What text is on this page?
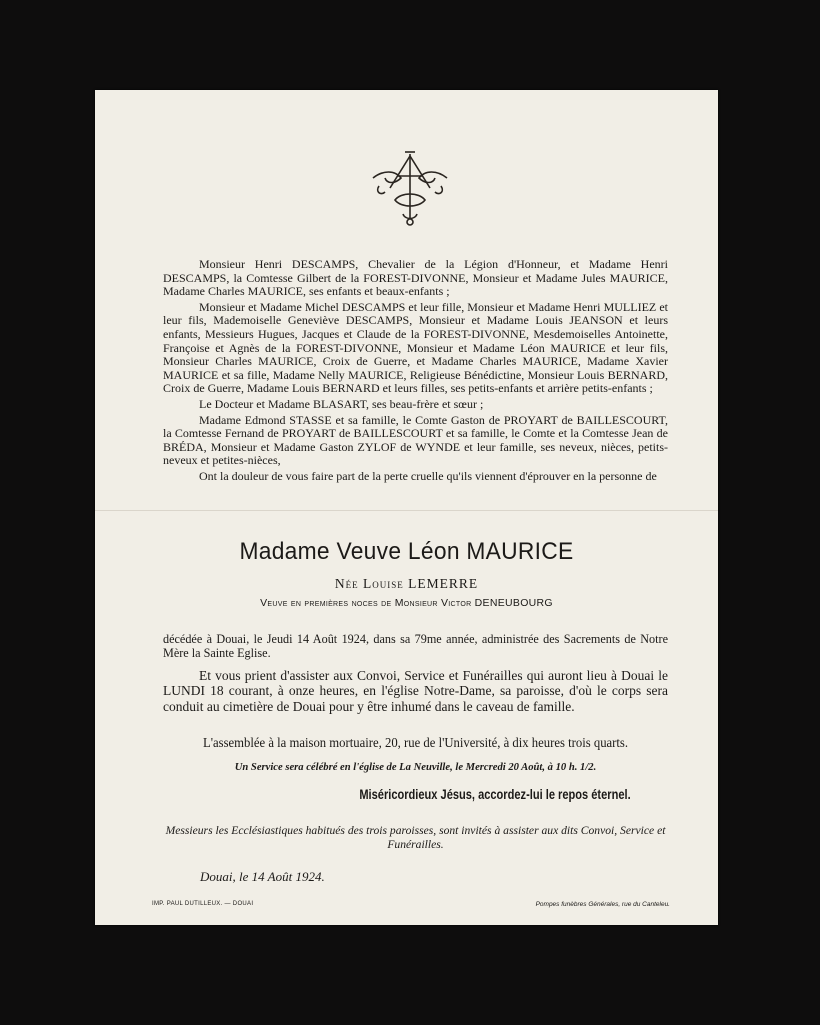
Monsieur Henri DESCAMPS, Chevalier de la Légion d'Honneur, et Madame Henri DESCAMPS, la Comtesse Gilbert de la FOREST-DIVONNE, Monsieur et Madame Jules MAURICE, Madame Charles MAURICE, ses enfants et beaux-enfants ;

Monsieur et Madame Michel DESCAMPS et leur fille, Monsieur et Madame Henri MULLIEZ et leur fils, Mademoiselle Geneviève DESCAMPS, Monsieur et Madame Louis JEANSON et leurs enfants, Messieurs Hugues, Jacques et Claude de la FOREST-DIVONNE, Mesdemoiselles Antoinette, Françoise et Agnès de la FOREST-DIVONNE, Monsieur et Madame Léon MAURICE et leur fils, Monsieur Charles MAURICE, Croix de Guerre, et Madame Charles MAURICE, Madame Xavier MAURICE et sa fille, Madame Nelly MAURICE, Religieuse Bénédictine, Monsieur Louis BERNARD, Croix de Guerre, Madame Louis BERNARD et leurs filles, ses petits-enfants et arrière petits-enfants ;

Le Docteur et Madame BLASART, ses beau-frère et sœur ;

Madame Edmond STASSE et sa famille, le Comte Gaston de PROYART de BAILLESCOURT, la Comtesse Fernand de PROYART de BAILLESCOURT et sa famille, le Comte et la Comtesse Jean de BRÉDA, Monsieur et Madame Gaston ZYLOF de WYNDE et leur famille, ses neveux, nièces, petits-neveux et petites-nièces,

Ont la douleur de vous faire part de la perte cruelle qu'ils viennent d'éprouver en la personne de

Madame Veuve Léon MAURICE
Née Louise LEMERRE
Veuve en premières noces de Monsieur Victor DENEUBOURG
décédée à Douai, le Jeudi 14 Août 1924, dans sa 79me année, administrée des Sacrements de Notre Mère la Sainte Eglise.
Et vous prient d'assister aux Convoi, Service et Funérailles qui auront lieu à Douai le LUNDI 18 courant, à onze heures, en l'église Notre-Dame, sa paroisse, d'où le corps sera conduit au cimetière de Douai pour y être inhumé dans le caveau de famille.
L'assemblée à la maison mortuaire, 20, rue de l'Université, à dix heures trois quarts.
Un Service sera célébré en l'église de La Neuville, le Mercredi 20 Août, à 10 h. 1/2.
Miséricordieux Jésus, accordez-lui le repos éternel.
Messieurs les Ecclésiastiques habitués des trois paroisses, sont invités à assister aux dits Convoi, Service et Funérailles.
Douai, le 14 Août 1924.
IMP. PAUL DUTILLEUX. — DOUAI	Pompes funèbres Générales, rue du Canteleu.
